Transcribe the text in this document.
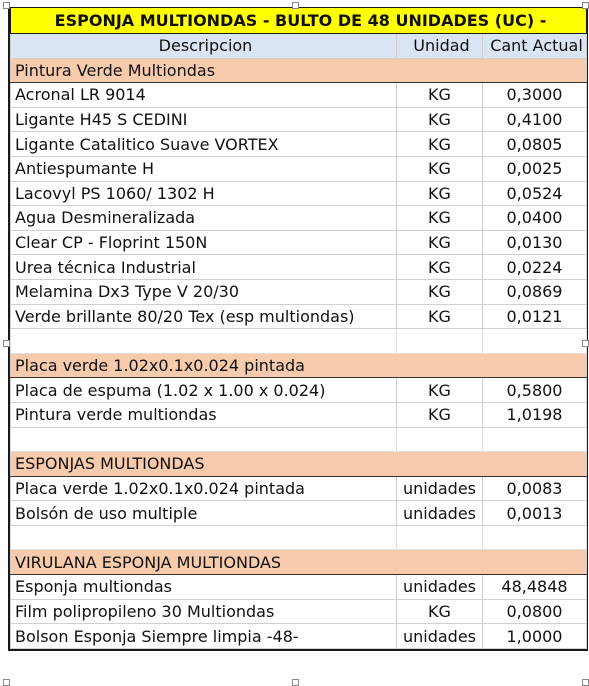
ESPONJA MULTIONDAS - BULTO DE 48 UNIDADES (UC) -		
Descripcion	Unidad	Cant Actual
Pintura Verde Multiondas		
Acronal LR 9014	KG	0,3000
Ligante H45 S CEDINI	KG	0,4100
Ligante Catalitico Suave VORTEX	KG	0,0805
Antiespumante H	KG	0,0025
Lacovyl PS 1060/ 1302 H	KG	0,0524
Agua Desmineralizada	KG	0,0400
Clear CP - Floprint 150N	KG	0,0130
Urea técnica Industrial	KG	0,0224
Melamina Dx3 Type V 20/30	KG	0,0869
Verde brillante 80/20 Tex (esp multiondas)	KG	0,0121

Placa verde 1.02x0.1x0.024 pintada		
Placa de espuma (1.02 x 1.00 x 0.024)	KG	0,5800
Pintura verde multiondas	KG	1,0198

ESPONJAS MULTIONDAS		
Placa verde 1.02x0.1x0.024 pintada	unidades	0,0083
Bolsón de uso multiple	unidades	0,0013

VIRULANA ESPONJA MULTIONDAS		
Esponja multiondas	unidades	48,4848
Film polipropileno 30 Multiondas	KG	0,0800
Bolson Esponja Siempre limpia -48-	unidades	1,0000
